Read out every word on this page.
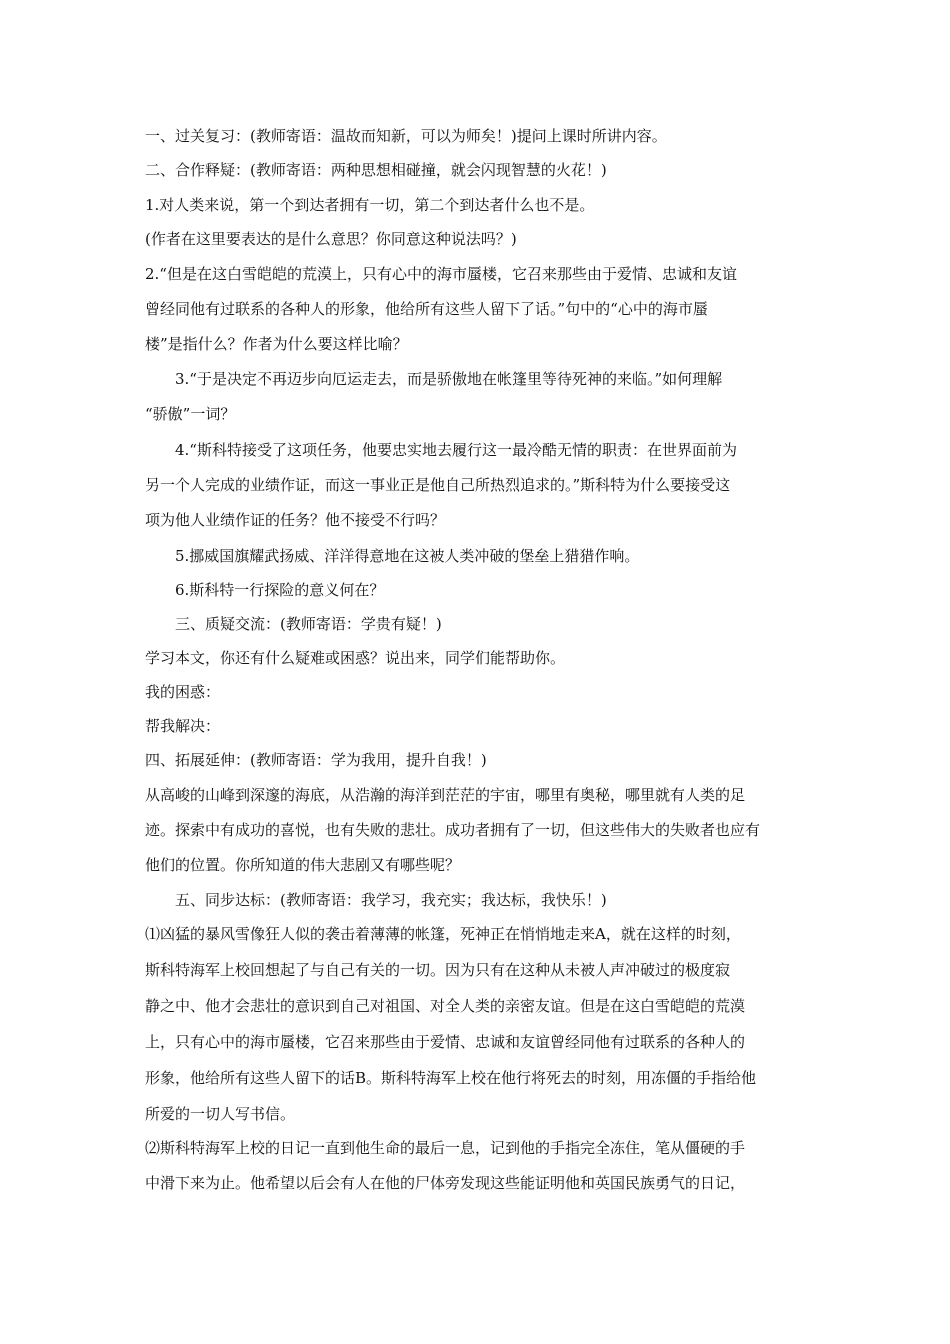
一、过关复习：(教师寄语：温故而知新，可以为师矣！)提问上课时所讲内容。
二、合作释疑：(教师寄语：两种思想相碰撞，就会闪现智慧的火花！)
1.对人类来说，第一个到达者拥有一切，第二个到达者什么也不是。
(作者在这里要表达的是什么意思？你同意这种说法吗？)
2.“但是在这白雪皑皑的荒漠上，只有心中的海市蜃楼，它召来那些由于爱情、忠诚和友谊
曾经同他有过联系的各种人的形象，他给所有这些人留下了话。”句中的“心中的海市蜃
楼”是指什么？作者为什么要这样比喻？
3.“于是决定不再迈步向厄运走去，而是骄傲地在帐篷里等待死神的来临。”如何理解
“骄傲”一词？
4.“斯科特接受了这项任务，他要忠实地去履行这一最冷酷无情的职责：在世界面前为
另一个人完成的业绩作证，而这一事业正是他自己所热烈追求的。”斯科特为什么要接受这
项为他人业绩作证的任务？他不接受不行吗？
5.挪威国旗耀武扬威、洋洋得意地在这被人类冲破的堡垒上猎猎作响。
6.斯科特一行探险的意义何在？
三、质疑交流：(教师寄语：学贵有疑！)
学习本文，你还有什么疑难或困惑？说出来，同学们能帮助你。
我的困惑：
帮我解决：
四、拓展延伸：(教师寄语：学为我用，提升自我！)
从高峻的山峰到深邃的海底，从浩瀚的海洋到茫茫的宇宙，哪里有奥秘，哪里就有人类的足
迹。探索中有成功的喜悦，也有失败的悲壮。成功者拥有了一切，但这些伟大的失败者也应有
他们的位置。你所知道的伟大悲剧又有哪些呢？
五、同步达标：(教师寄语：我学习，我充实；我达标，我快乐！)
⑴凶猛的暴风雪像狂人似的袭击着薄薄的帐篷，死神正在悄悄地走来A，就在这样的时刻，
斯科特海军上校回想起了与自己有关的一切。因为只有在这种从未被人声冲破过的极度寂
静之中、他才会悲壮的意识到自己对祖国、对全人类的亲密友谊。但是在这白雪皑皑的荒漠
上，只有心中的海市蜃楼，它召来那些由于爱情、忠诚和友谊曾经同他有过联系的各种人的
形象，他给所有这些人留下的话B。斯科特海军上校在他行将死去的时刻，用冻僵的手指给他
所爱的一切人写书信。
⑵斯科特海军上校的日记一直到他生命的最后一息，记到他的手指完全冻住，笔从僵硬的手
中滑下来为止。他希望以后会有人在他的尸体旁发现这些能证明他和英国民族勇气的日记，
